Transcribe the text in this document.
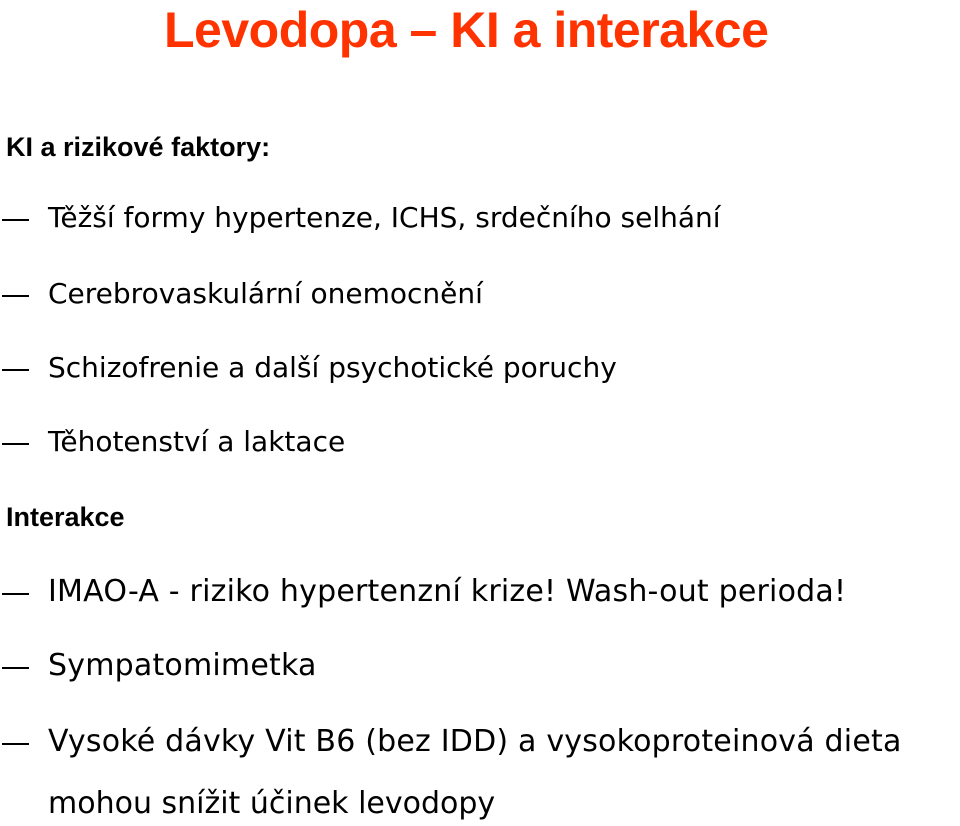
Levodopa – KI a interakce
KI a rizikové faktory:
Těžší formy hypertenze, ICHS, srdečního selhání
Cerebrovaskulární onemocnění
Schizofrenie a další psychotické poruchy
Těhotenství a laktace
Interakce
IMAO-A - riziko hypertenzní krize! Wash-out perioda!
Sympatomimetka
Vysoké dávky Vit B6 (bez IDD) a vysokoproteinová dieta
mohou snížit účinek levodopy
